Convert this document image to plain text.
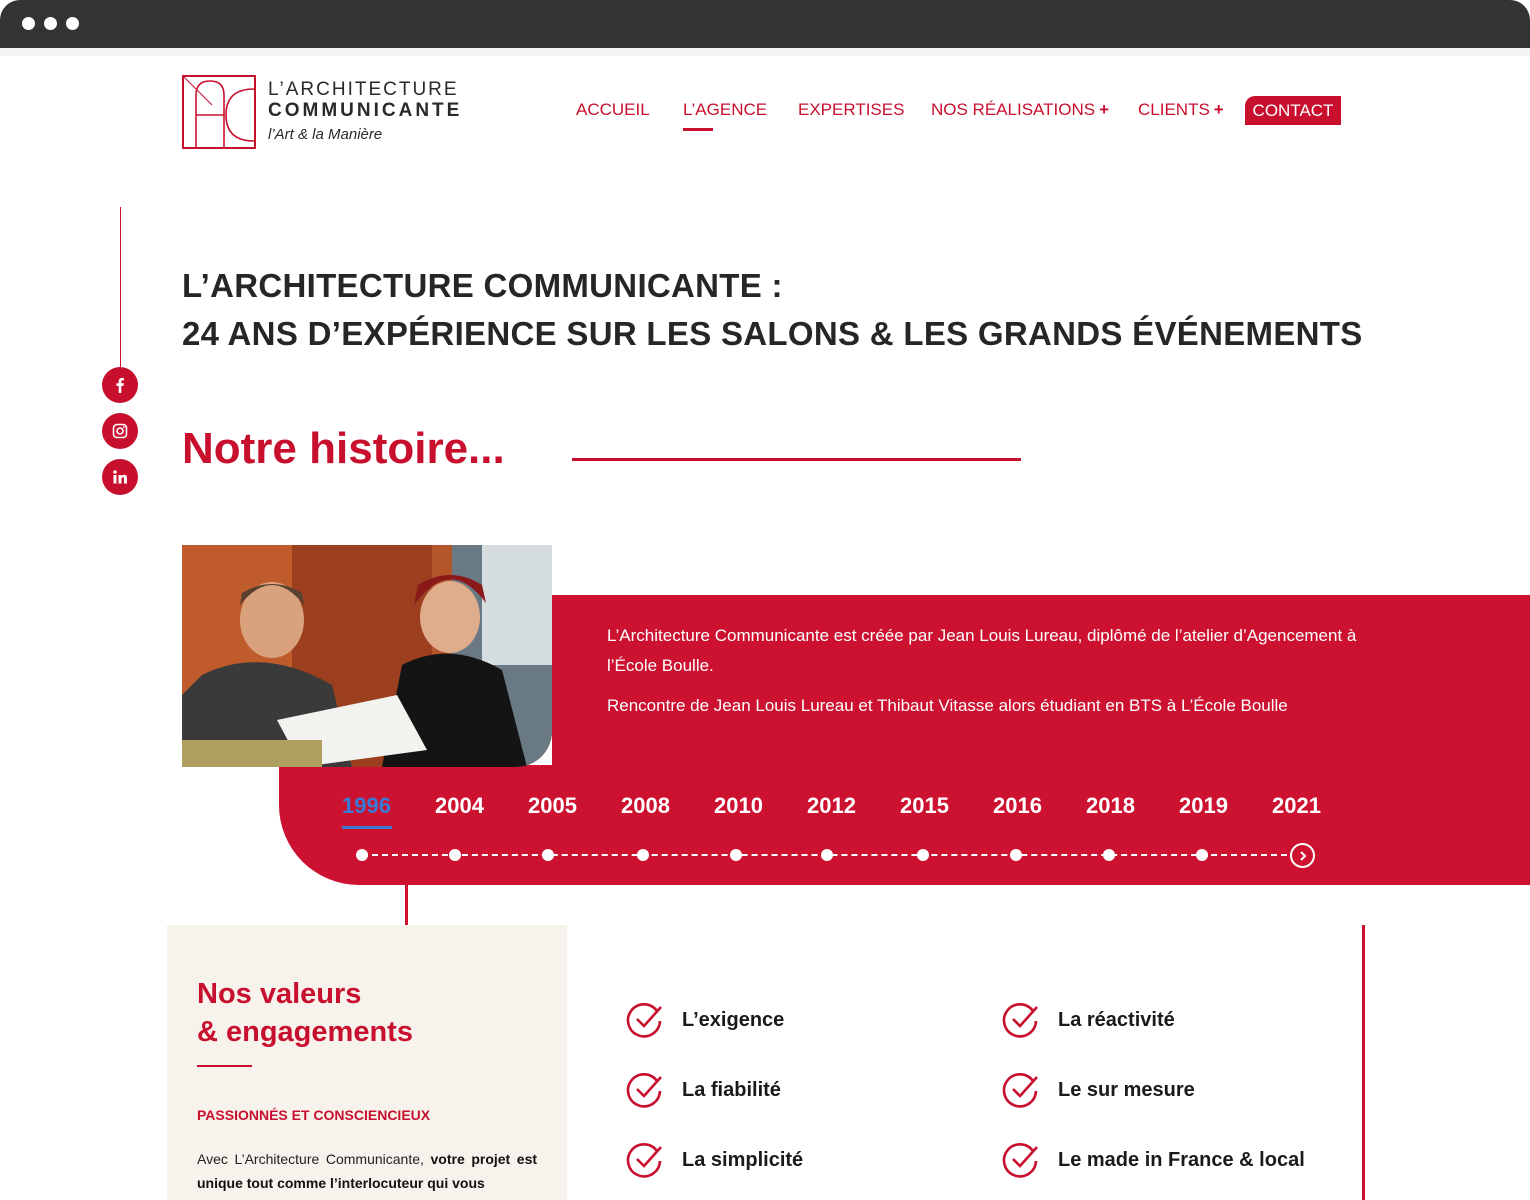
L’ARCHITECTURE
COMMUNICANTE
l’Art & la Manière
ACCUEIL L’AGENCE EXPERTISES NOS RÉALISATIONS + CLIENTS +	CONTACT
L’ARCHITECTURE COMMUNICANTE :
24 ANS D’EXPÉRIENCE SUR LES SALONS & LES GRANDS ÉVÉNEMENTS
Notre histoire...

L’Architecture Communicante est créée par Jean Louis Lureau, diplômé de l’atelier d’Agencement à l’École Boulle.

Rencontre de Jean Louis Lureau et Thibaut Vitasse alors étudiant en BTS à L’École Boulle

1996 2004 2005 2008 2010 2012 2015 2016 2018 2019 2021
Nos valeurs
& engagements
PASSIONNÉS ET CONSCIENCIEUX

Avec L’Architecture Communicante, votre projet est unique tout comme l’interlocuteur qui vous

L’exigence	La réactivité
La fiabilité	Le sur mesure
La simplicité	Le made in France & local
